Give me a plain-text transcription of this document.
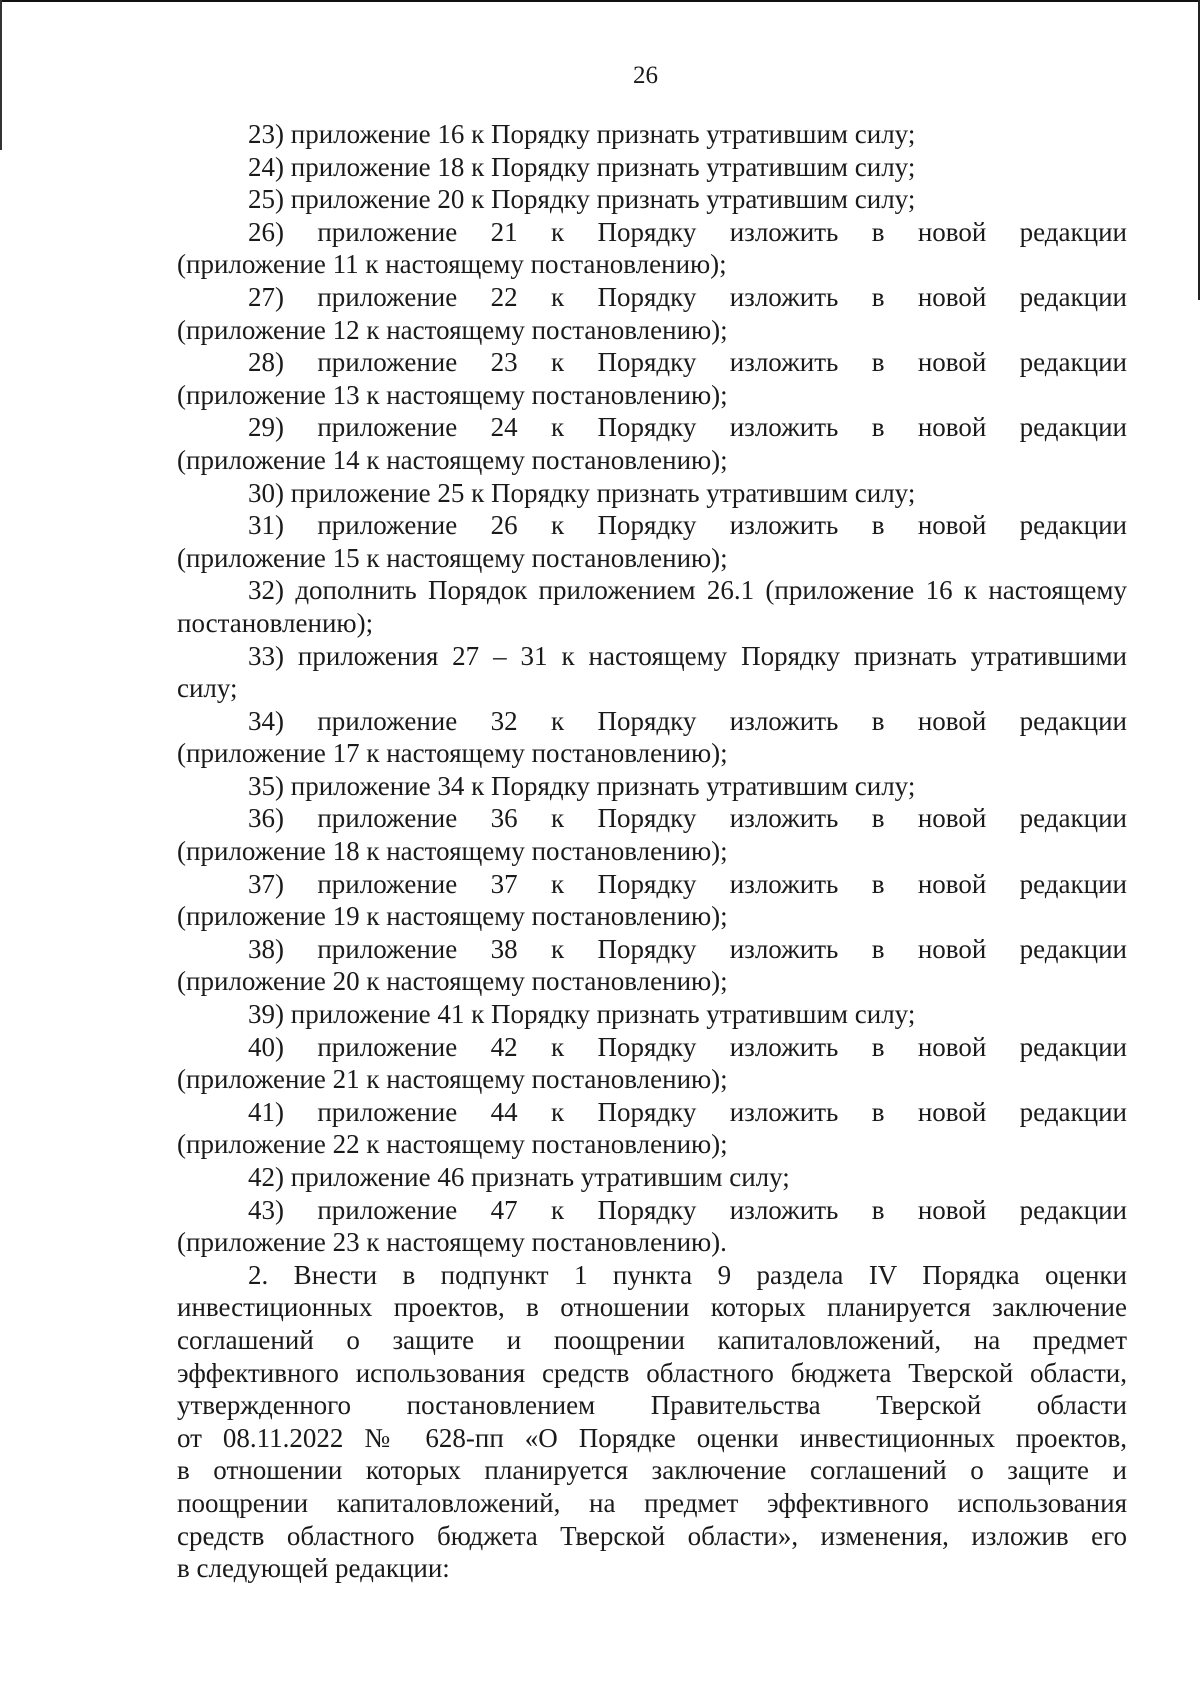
26
23) приложение 16 к Порядку признать утратившим силу;
24) приложение 18 к Порядку признать утратившим силу;
25) приложение 20 к Порядку признать утратившим силу;
26) приложение 21 к Порядку изложить в новой редакции
(приложение 11 к настоящему постановлению);
27) приложение 22 к Порядку изложить в новой редакции
(приложение 12 к настоящему постановлению);
28) приложение 23 к Порядку изложить в новой редакции
(приложение 13 к настоящему постановлению);
29) приложение 24 к Порядку изложить в новой редакции
(приложение 14 к настоящему постановлению);
30) приложение 25 к Порядку признать утратившим силу;
31) приложение 26 к Порядку изложить в новой редакции
(приложение 15 к настоящему постановлению);
32) дополнить Порядок приложением 26.1 (приложение 16 к настоящему
постановлению);
33) приложения 27 – 31 к настоящему Порядку признать утратившими
силу;
34) приложение 32 к Порядку изложить в новой редакции
(приложение 17 к настоящему постановлению);
35) приложение 34 к Порядку признать утратившим силу;
36) приложение 36 к Порядку изложить в новой редакции
(приложение 18 к настоящему постановлению);
37) приложение 37 к Порядку изложить в новой редакции
(приложение 19 к настоящему постановлению);
38) приложение 38 к Порядку изложить в новой редакции
(приложение 20 к настоящему постановлению);
39) приложение 41 к Порядку признать утратившим силу;
40) приложение 42 к Порядку изложить в новой редакции
(приложение 21 к настоящему постановлению);
41) приложение 44 к Порядку изложить в новой редакции
(приложение 22 к настоящему постановлению);
42) приложение 46 признать утратившим силу;
43) приложение 47 к Порядку изложить в новой редакции
(приложение 23 к настоящему постановлению).
2. Внести в подпункт 1 пункта 9 раздела IV Порядка оценки
инвестиционных проектов, в отношении которых планируется заключение
соглашений о защите и поощрении капиталовложений, на предмет
эффективного использования средств областного бюджета Тверской области,
утвержденного постановлением Правительства Тверской области
от 08.11.2022 № 628-пп «О Порядке оценки инвестиционных проектов,
в отношении которых планируется заключение соглашений о защите и
поощрении капиталовложений, на предмет эффективного использования
средств областного бюджета Тверской области», изменения, изложив его
в следующей редакции:
